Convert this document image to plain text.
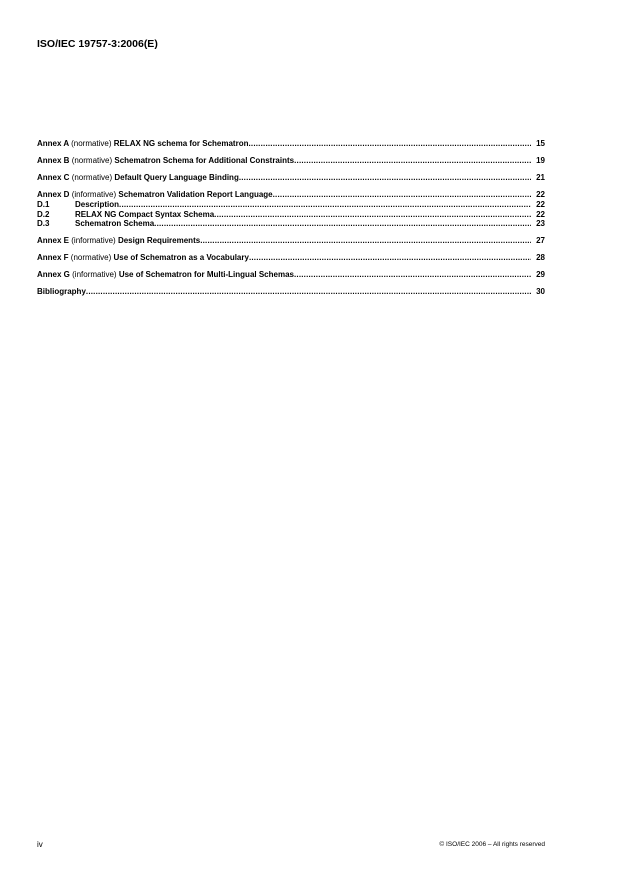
ISO/IEC 19757-3:2006(E)
Annex A (normative) RELAX NG schema for Schematron .....	15
Annex B (normative) Schematron Schema for Additional Constraints .....	19
Annex C (normative) Default Query Language Binding .....	21
Annex D (informative) Schematron Validation Report Language .....	22
D.1	Description .....	22
D.2	RELAX NG Compact Syntax Schema .....	22
D.3	Schematron Schema .....	23
Annex E (informative) Design Requirements .....	27
Annex F (normative) Use of Schematron as a Vocabulary .....	28
Annex G (informative) Use of Schematron for Multi-Lingual Schemas .....	29
Bibliography .....	30
iv	© ISO/IEC 2006 – All rights reserved
